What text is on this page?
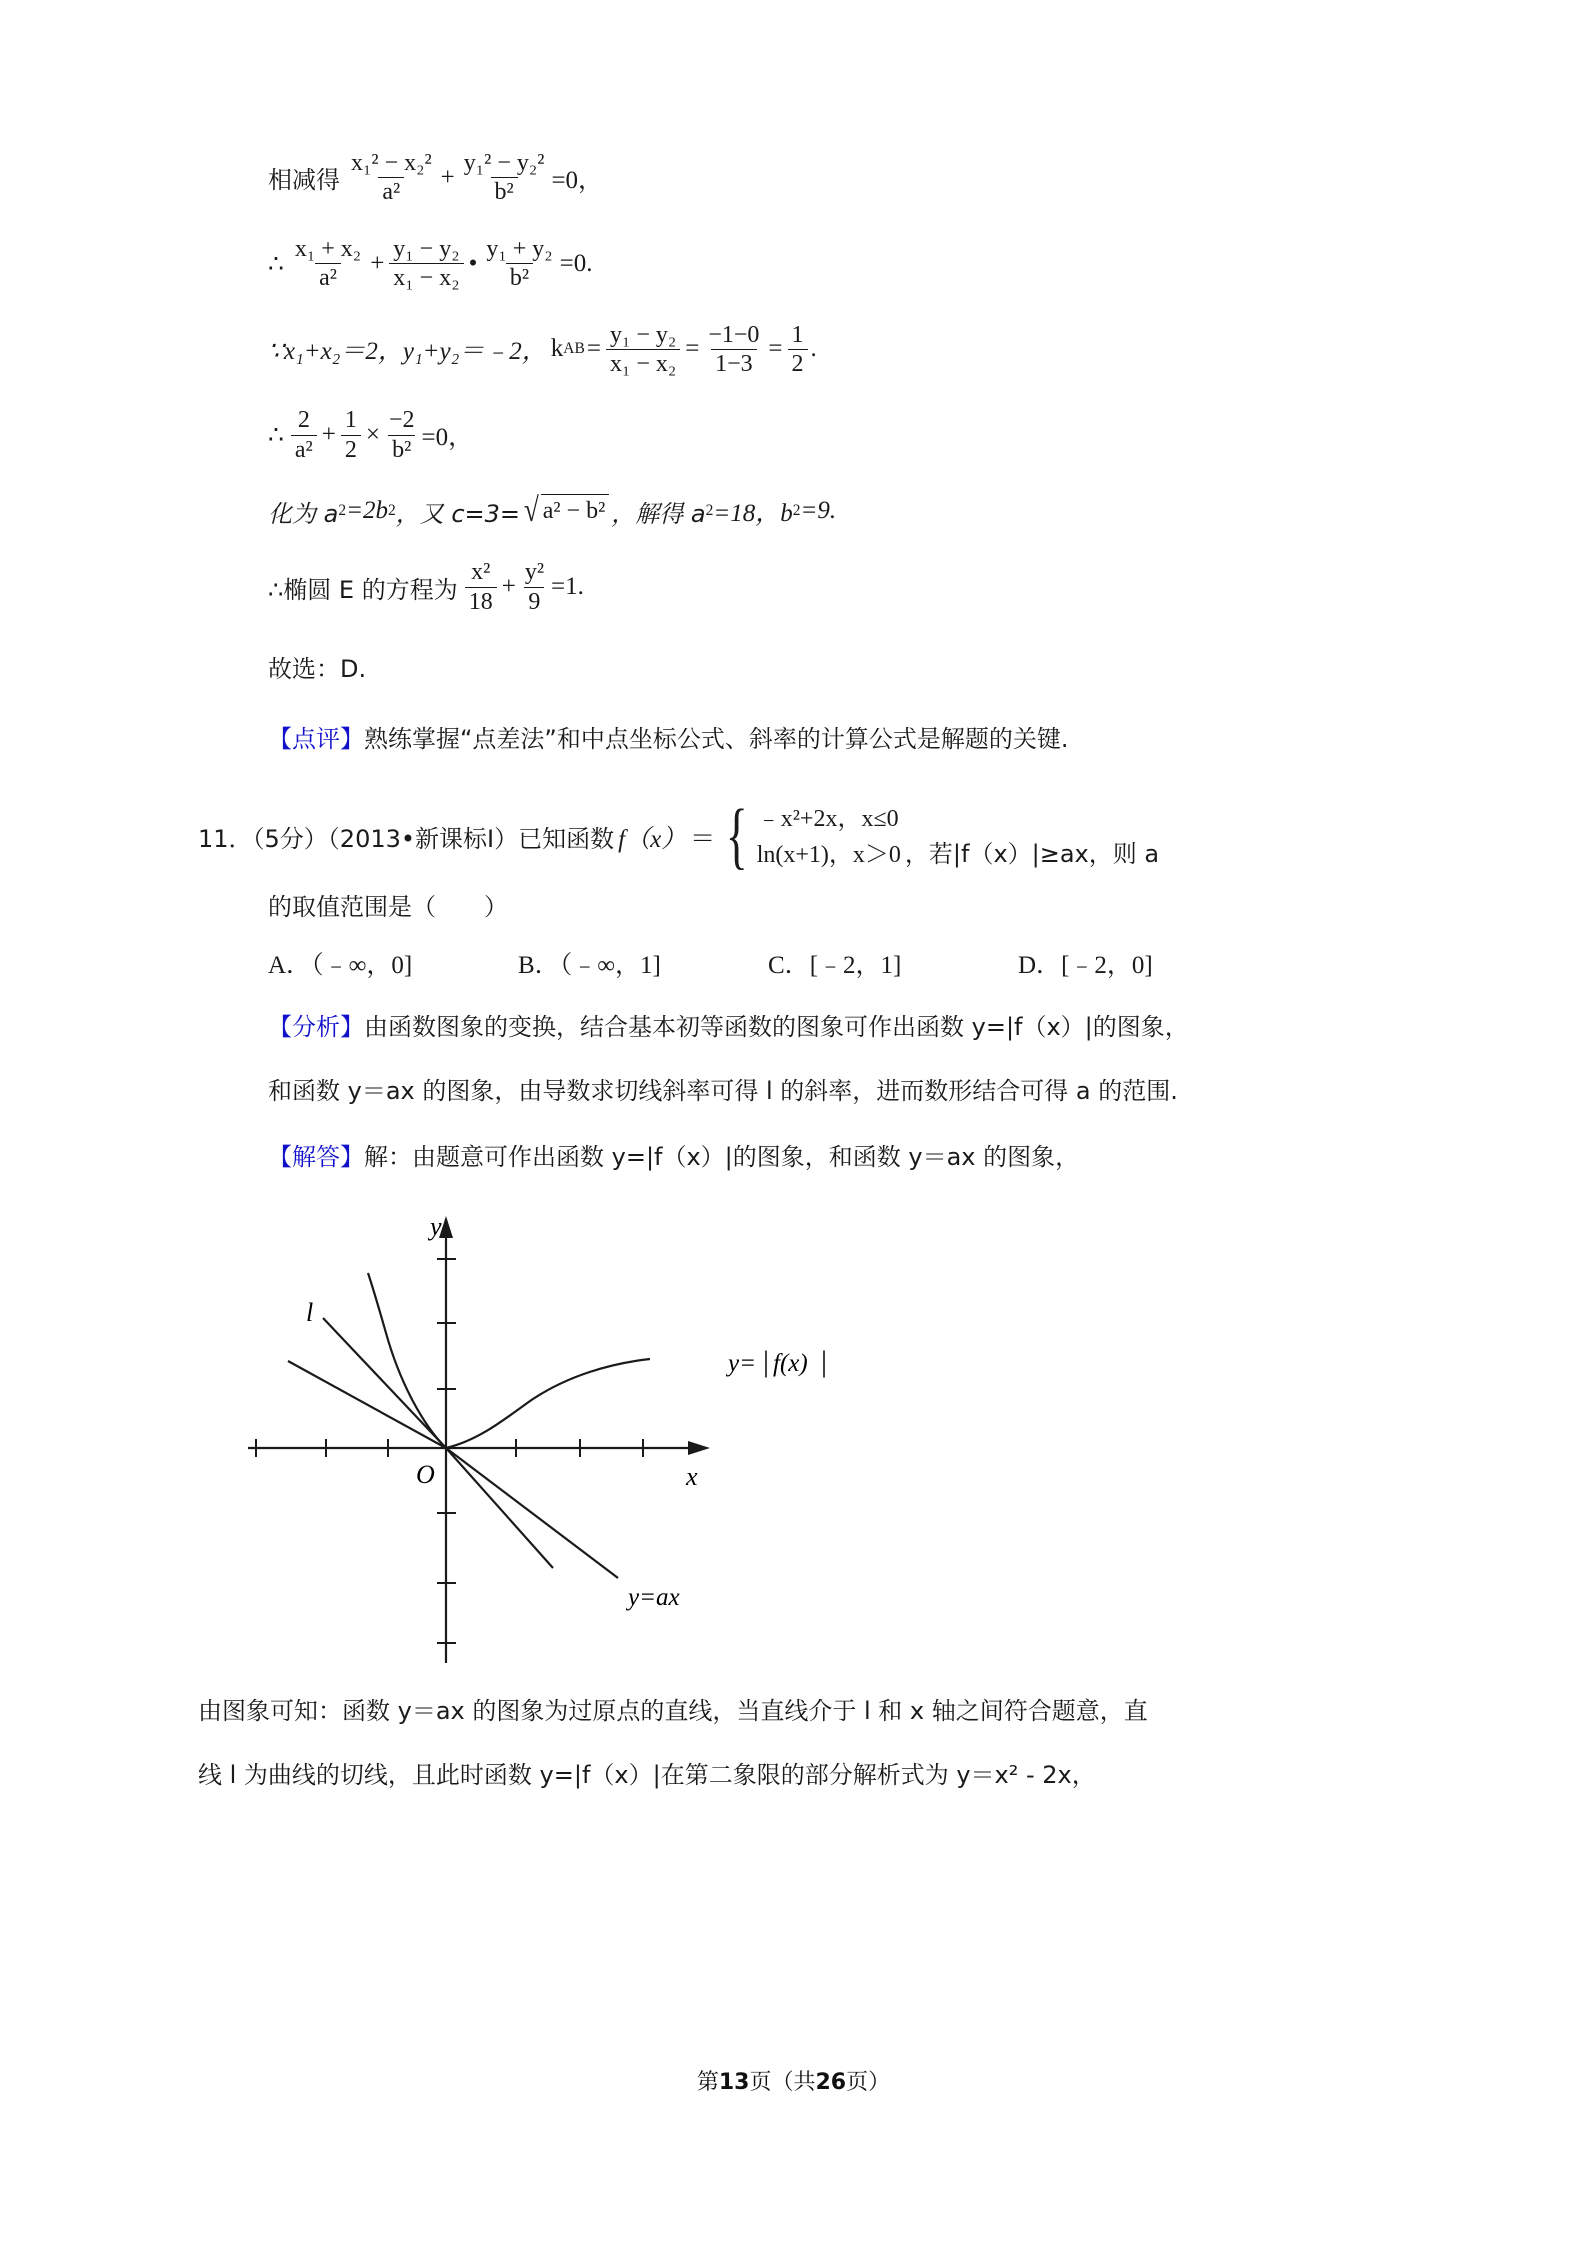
相减得 $\frac{\text{x₁² − x₂²}}{\text{a²}} + \frac{\text{y₁² − y₂²}}{\text{b²}} =0$，
∴ $\frac{\text{x₁ + x₂}}{\text{a²}} + \frac{\text{y₁ − y₂}}{\text{x₁ − x₂}}$ • $\frac{\text{y₁ + y₂}}{\text{b²}} =0$.
∵x₁+x₂＝2，y₁+y₂＝﹣2， k AB = $\frac{\text{y₁ − y₂}}{\text{x₁ − x₂}} = \frac{-1-0}{1-3} = \frac{1}{2}$ .
∴ $\frac{2}{\text{a²}} + \frac{1}{2} \times \frac{-2}{\text{b²}} =0$，
化为 a 2 =2b 2 ，又 c=3= √ a² − b² ，解得 a 2 =18，b 2 =9.
∴椭圆 E 的方程为 $\frac{\text{x²}}{18} + \frac{\text{y²}}{9} =1$.

故选：D.

【点评】熟练掌握“点差法”和中点坐标公式、斜率的计算公式是解题的关键.

11．（5分）（2013•新课标Ⅰ）已知函数 f（x） ＝ { ﹣x²+2x，x≤0
ln(x+1)，x＞0 ，若|f（x）|≥ax，则 a

的取值范围是（　　）

A．（﹣∞，0]	B．（﹣∞，1]	C．[﹣2，1]	D．[﹣2，0]

【分析】由函数图象的变换，结合基本初等函数的图象可作出函数 y=|f（x）|的图象，

和函数 y＝ax 的图象，由导数求切线斜率可得 l 的斜率，进而数形结合可得 a 的范围.

【解答】解：由题意可作出函数 y=|f（x）|的图象，和函数 y＝ax 的图象，

y
x
O
l
y= | f(x) |
y=ax

由图象可知：函数 y＝ax 的图象为过原点的直线，当直线介于 l 和 x 轴之间符合题意，直

线 l 为曲线的切线，且此时函数 y=|f（x）|在第二象限的部分解析式为 y＝x² - 2x，

第13页（共26页）
